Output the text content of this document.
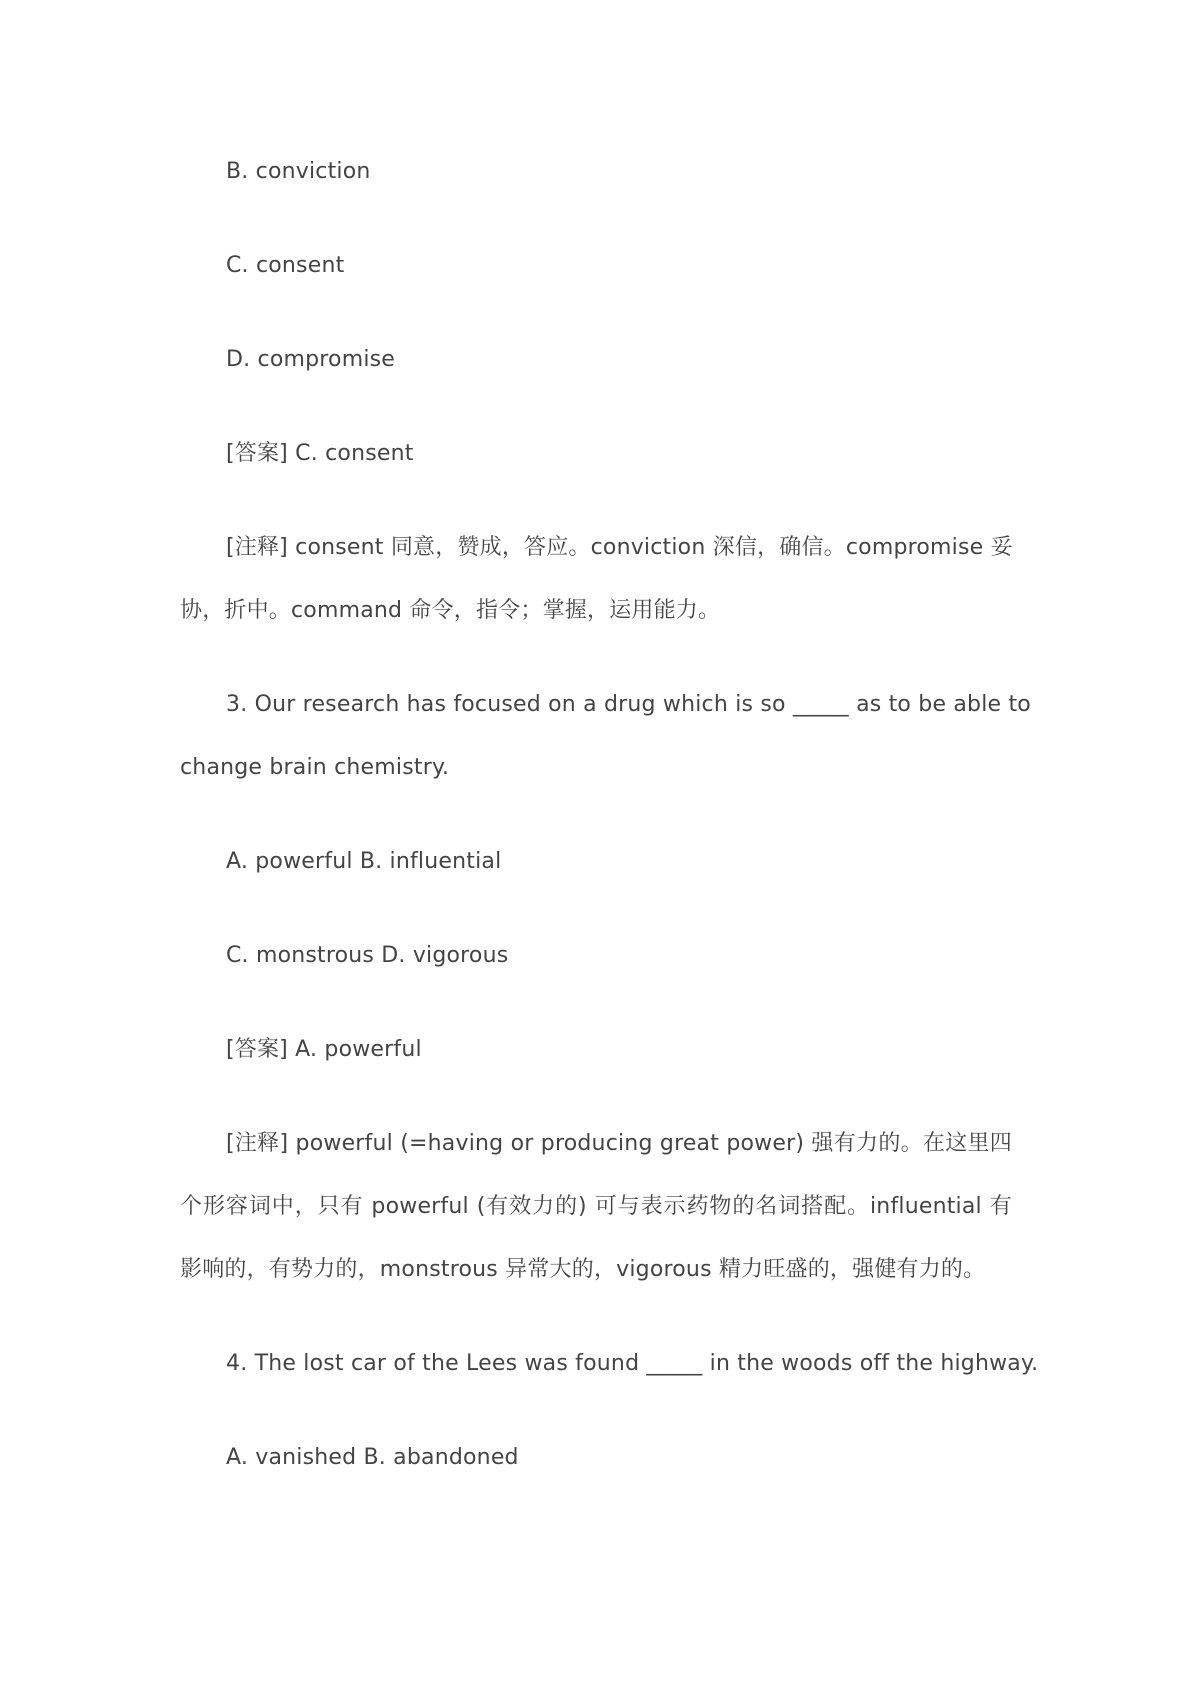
B. conviction
C. consent
D. compromise
[答案] C. consent
[注释] consent 同意，赞成，答应。conviction 深信，确信。compromise 妥
协，折中。command 命令，指令；掌握，运用能力。
3. Our research has focused on a drug which is so _____ as to be able to
change brain chemistry.
A. powerful B. influential
C. monstrous D. vigorous
[答案] A. powerful
[注释] powerful (=having or producing great power) 强有力的。在这里四
个形容词中，只有 powerful (有效力的) 可与表示药物的名词搭配。influential 有
影响的，有势力的，monstrous 异常大的，vigorous 精力旺盛的，强健有力的。
4. The lost car of the Lees was found _____ in the woods off the highway.
A. vanished B. abandoned
